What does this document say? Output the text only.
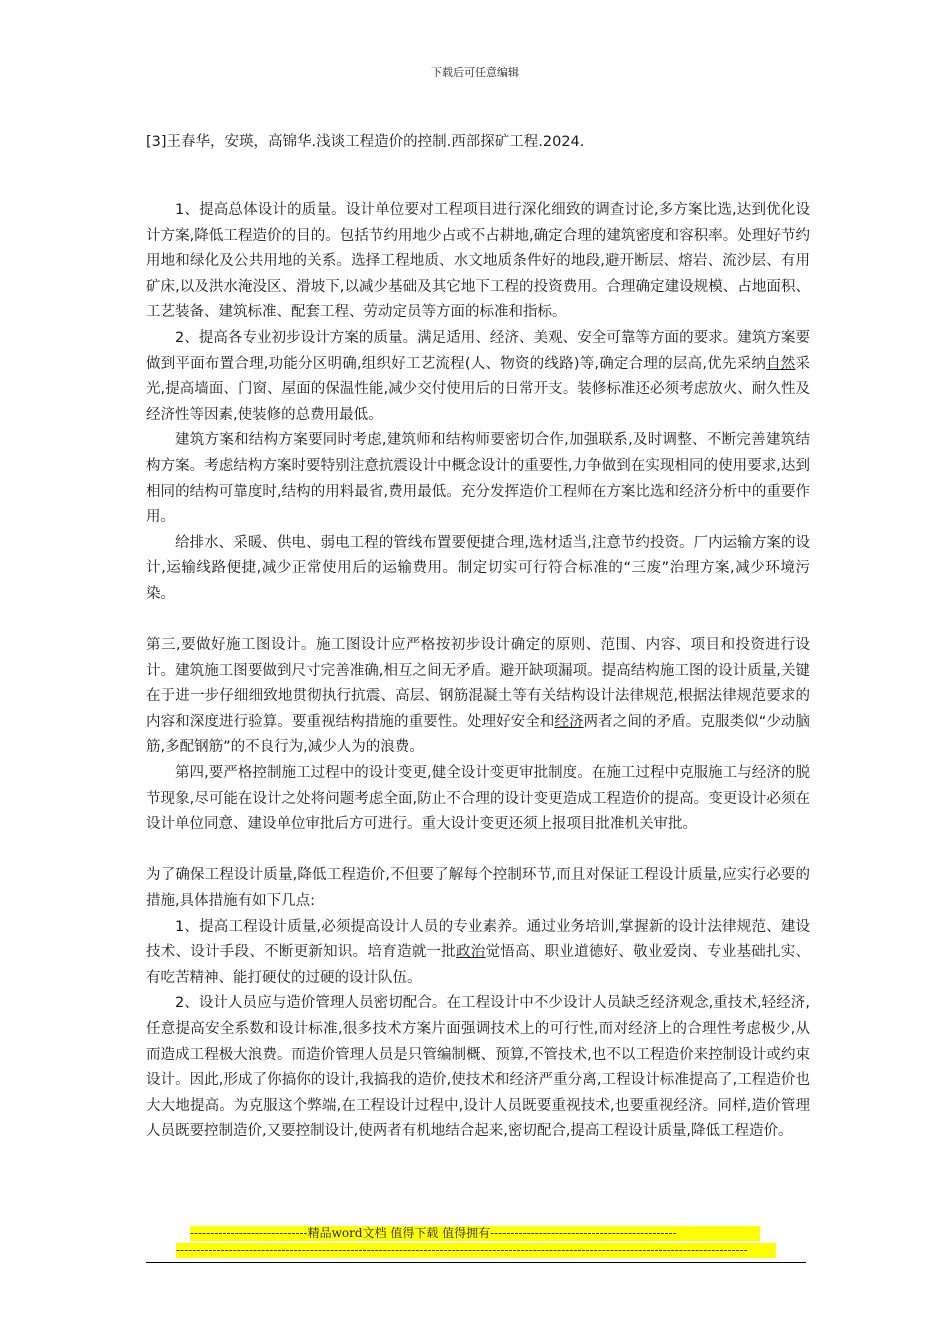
下载后可任意编辑
[3]王春华，安瑛，高锦华.浅谈工程造价的控制.西部探矿工程.2024.

1、提高总体设计的质量。设计单位要对工程项目进行深化细致的调查讨论,多方案比选,达到优化设计方案,降低工程造价的目的。包括节约用地少占或不占耕地,确定合理的建筑密度和容积率。处理好节约用地和绿化及公共用地的关系。选择工程地质、水文地质条件好的地段,避开断层、熔岩、流沙层、有用矿床,以及洪水淹没区、滑坡下,以减少基础及其它地下工程的投资费用。合理确定建设规模、占地面积、工艺装备、建筑标准、配套工程、劳动定员等方面的标准和指标。

2、提高各专业初步设计方案的质量。满足适用、经济、美观、安全可靠等方面的要求。建筑方案要做到平面布置合理,功能分区明确,组织好工艺流程(人、物资的线路)等,确定合理的层高,优先采纳自然采光,提高墙面、门窗、屋面的保温性能,减少交付使用后的日常开支。装修标准还必须考虑放火、耐久性及经济性等因素,使装修的总费用最低。

建筑方案和结构方案要同时考虑,建筑师和结构师要密切合作,加强联系,及时调整、不断完善建筑结构方案。考虑结构方案时要特别注意抗震设计中概念设计的重要性,力争做到在实现相同的使用要求,达到相同的结构可靠度时,结构的用料最省,费用最低。充分发挥造价工程师在方案比选和经济分析中的重要作用。

给排水、采暖、供电、弱电工程的管线布置要便捷合理,选材适当,注意节约投资。厂内运输方案的设计,运输线路便捷,减少正常使用后的运输费用。制定切实可行符合标准的“三废”治理方案,减少环境污染。

第三,要做好施工图设计。施工图设计应严格按初步设计确定的原则、范围、内容、项目和投资进行设计。建筑施工图要做到尺寸完善准确,相互之间无矛盾。避开缺项漏项。提高结构施工图的设计质量,关键在于进一步仔细细致地贯彻执行抗震、高层、钢筋混凝土等有关结构设计法律规范,根据法律规范要求的内容和深度进行验算。要重视结构措施的重要性。处理好安全和经济两者之间的矛盾。克服类似“少动脑筋,多配钢筋”的不良行为,减少人为的浪费。

第四,要严格控制施工过程中的设计变更,健全设计变更审批制度。在施工过程中克服施工与经济的脱节现象,尽可能在设计之处将问题考虑全面,防止不合理的设计变更造成工程造价的提高。变更设计必须在设计单位同意、建设单位审批后方可进行。重大设计变更还须上报项目批准机关审批。

为了确保工程设计质量,降低工程造价,不但要了解每个控制环节,而且对保证工程设计质量,应实行必要的措施,具体措施有如下几点:

1、提高工程设计质量,必须提高设计人员的专业素养。通过业务培训,掌握新的设计法律规范、建设技术、设计手段、不断更新知识。培育造就一批政治觉悟高、职业道德好、敬业爱岗、专业基础扎实、有吃苦精神、能打硬仗的过硬的设计队伍。

2、设计人员应与造价管理人员密切配合。在工程设计中不少设计人员缺乏经济观念,重技术,轻经济,任意提高安全系数和设计标准,很多技术方案片面强调技术上的可行性,而对经济上的合理性考虑极少,从而造成工程极大浪费。而造价管理人员是只管编制概、预算,不管技术,也不以工程造价来控制设计或约束设计。因此,形成了你搞你的设计,我搞我的造价,使技术和经济严重分离,工程设计标准提高了,工程造价也大大地提高。为克服这个弊端,在工程设计过程中,设计人员既要重视技术,也要重视经济。同样,造价管理人员既要控制造价,又要控制设计,使两者有机地结合起来,密切配合,提高工程设计质量,降低工程造价。

-----------------------------精品word文档 值得下载 值得拥有----------------------------------------------
---------------------------------------------------------------------------------------------------------------------------------------------
